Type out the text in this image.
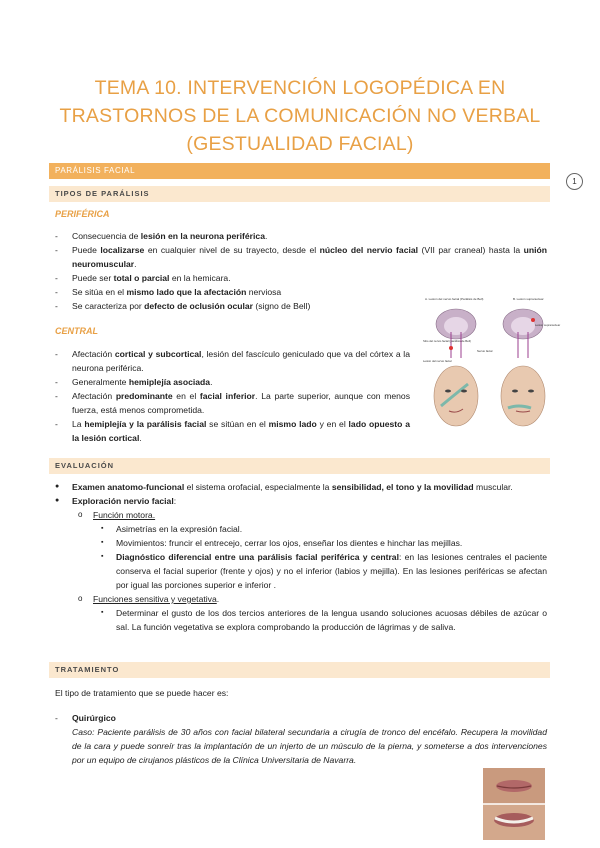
TEMA 10. INTERVENCIÓN LOGOPÉDICA EN
TRASTORNOS DE LA COMUNICACIÓN NO VERBAL
(GESTUALIDAD FACIAL)
1
PARÁLISIS FACIAL
TIPOS DE PARÁLISIS
PERIFÉRICA
- Consecuencia de lesión en la neurona periférica.
- Puede localizarse en cualquier nivel de su trayecto, desde el núcleo del nervio facial (VII par craneal) hasta la unión neuromuscular.
- Puede ser total o parcial en la hemicara.
- Se sitúa en el mismo lado que la afectación nerviosa
- Se caracteriza por defecto de oclusión ocular (signo de Bell)
CENTRAL
- Afectación cortical y subcortical, lesión del fascículo geniculado que va del córtex a la neurona periférica.
- Generalmente hemiplejía asociada.
- Afectación predominante en el facial inferior. La parte superior, aunque con menos fuerza, está menos comprometida.
- La hemiplejía y la parálisis facial se sitúan en el mismo lado y en el lado opuesto a la lesión cortical.
A. Lesión del nervio facial (Parálisis de Bell)	B. Lesión supranuclear
Sitio del nervio facial (parálisis de Bell)
Lesión supranuclear
Nervio facial
Lesión del nervio facial
EVALUACIÓN
● Examen anatomo-funcional el sistema orofacial, especialmente la sensibilidad, el tono y la movilidad muscular.
● Exploración nervio facial:
o Función motora.
▪ Asimetrías en la expresión facial.
▪ Movimientos: fruncir el entrecejo, cerrar los ojos, enseñar los dientes e hinchar las mejillas.
▪ Diagnóstico diferencial entre una parálisis facial periférica y central: en las lesiones centrales el paciente conserva el facial superior (frente y ojos) y no el inferior (labios y mejilla). En las lesiones periféricas se afectan por igual las porciones superior e inferior .
o Funciones sensitiva y vegetativa.
▪ Determinar el gusto de los dos tercios anteriores de la lengua usando soluciones acuosas débiles de azúcar o sal. La función vegetativa se explora comprobando la producción de lágrimas y de saliva.
TRATAMIENTO
El tipo de tratamiento que se puede hacer es:
- Quirúrgico
Caso: Paciente parálisis de 30 años con facial bilateral secundaria a cirugía de tronco del encéfalo. Recupera la movilidad de la cara y puede sonreír tras la implantación de un injerto de un músculo de la pierna, y someterse a dos intervenciones por un equipo de cirujanos plásticos de la Clínica Universitaria de Navarra.
